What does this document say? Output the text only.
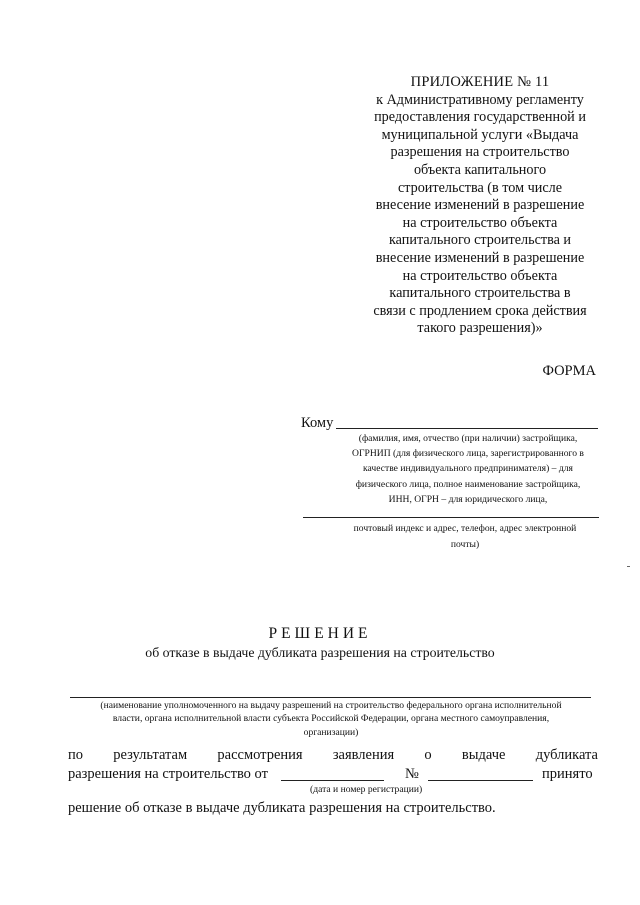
ПРИЛОЖЕНИЕ № 11
к Административному регламенту
предоставления государственной и
муниципальной услуги «Выдача
разрешения на строительство
объекта капитального
строительства (в том числе
внесение изменений в разрешение
на строительство объекта
капитального строительства и
внесение изменений в разрешение
на строительство объекта
капитального строительства в
связи с продлением срока действия
такого разрешения)»
ФОРМА
Кому
(фамилия, имя, отчество (при наличии) застройщика,
ОГРНИП (для физического лица, зарегистрированного в
качестве индивидуального предпринимателя) – для
физического лица, полное наименование застройщика,
ИНН, ОГРН – для юридического лица,
почтовый индекс и адрес, телефон, адрес электронной
почты)
РЕШЕНИЕ
об отказе в выдаче дубликата разрешения на строительство
(наименование уполномоченного на выдачу разрешений на строительство федерального органа исполнительной
власти, органа исполнительной власти субъекта Российской Федерации, органа местного самоуправления,
организации)
по результатам рассмотрения заявления о выдаче дубликата
разрешения на строительство от	№	принято
(дата и номер регистрации)
решение об отказе в выдаче дубликата разрешения на строительство.
